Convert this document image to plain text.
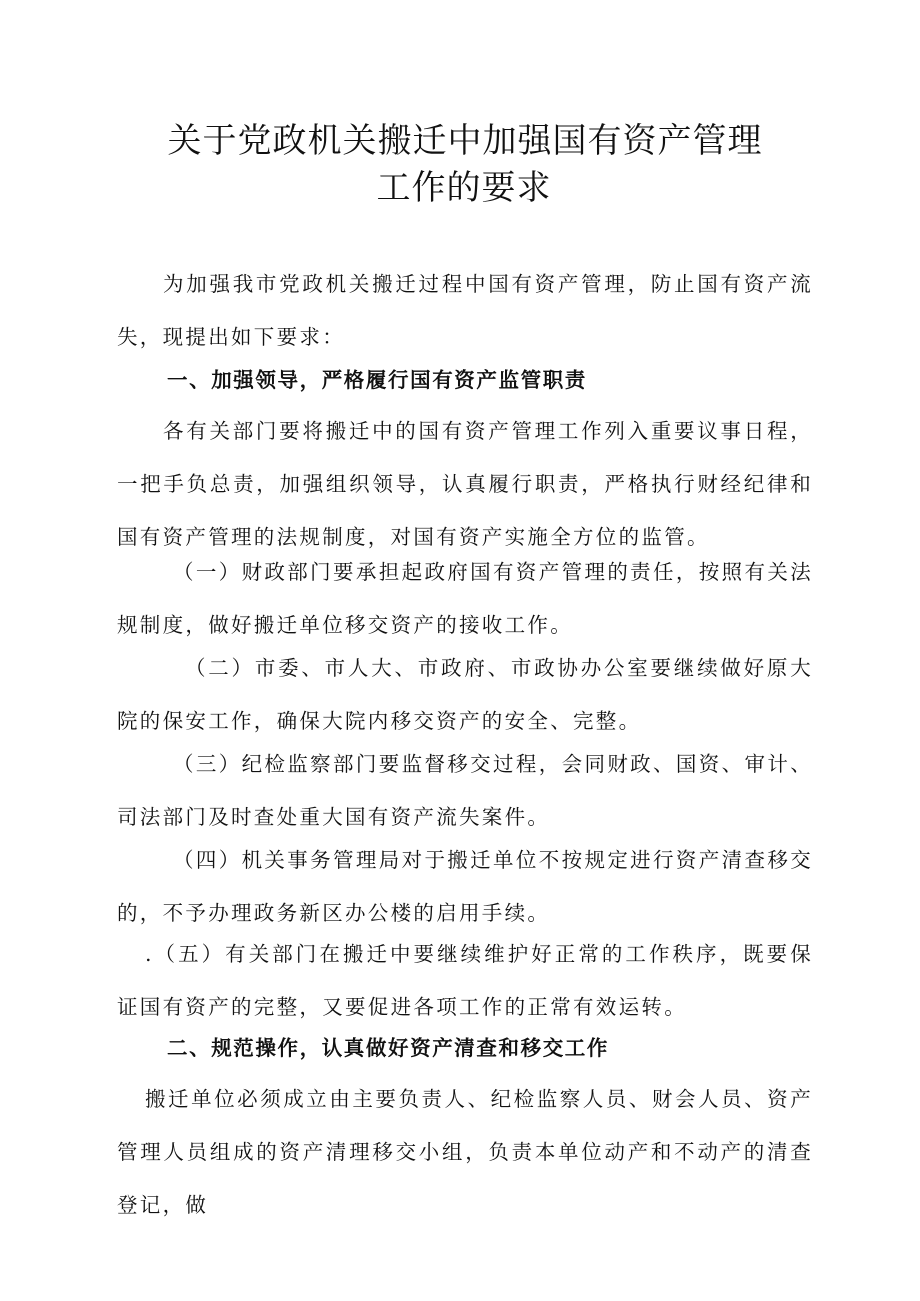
关于党政机关搬迁中加强国有资产管理
工作的要求

为加强我市党政机关搬迁过程中国有资产管理，防止国有资产流失，现提出如下要求：

一、加强领导，严格履行国有资产监管职责

各有关部门要将搬迁中的国有资产管理工作列入重要议事日程，一把手负总责，加强组织领导，认真履行职责，严格执行财经纪律和国有资产管理的法规制度，对国有资产实施全方位的监管。

（一）财政部门要承担起政府国有资产管理的责任，按照有关法规制度，做好搬迁单位移交资产的接收工作。

（二）市委、市人大、市政府、市政协办公室要继续做好原大院的保安工作，确保大院内移交资产的安全、完整。

（三）纪检监察部门要监督移交过程，会同财政、国资、审计、司法部门及时查处重大国有资产流失案件。

（四）机关事务管理局对于搬迁单位不按规定进行资产清查移交的，不予办理政务新区办公楼的启用手续。

.（五）有关部门在搬迁中要继续维护好正常的工作秩序，既要保证国有资产的完整，又要促进各项工作的正常有效运转。

二、规范操作，认真做好资产清查和移交工作

搬迁单位必须成立由主要负责人、纪检监察人员、财会人员、资产管理人员组成的资产清理移交小组，负责本单位动产和不动产的清查登记，做
